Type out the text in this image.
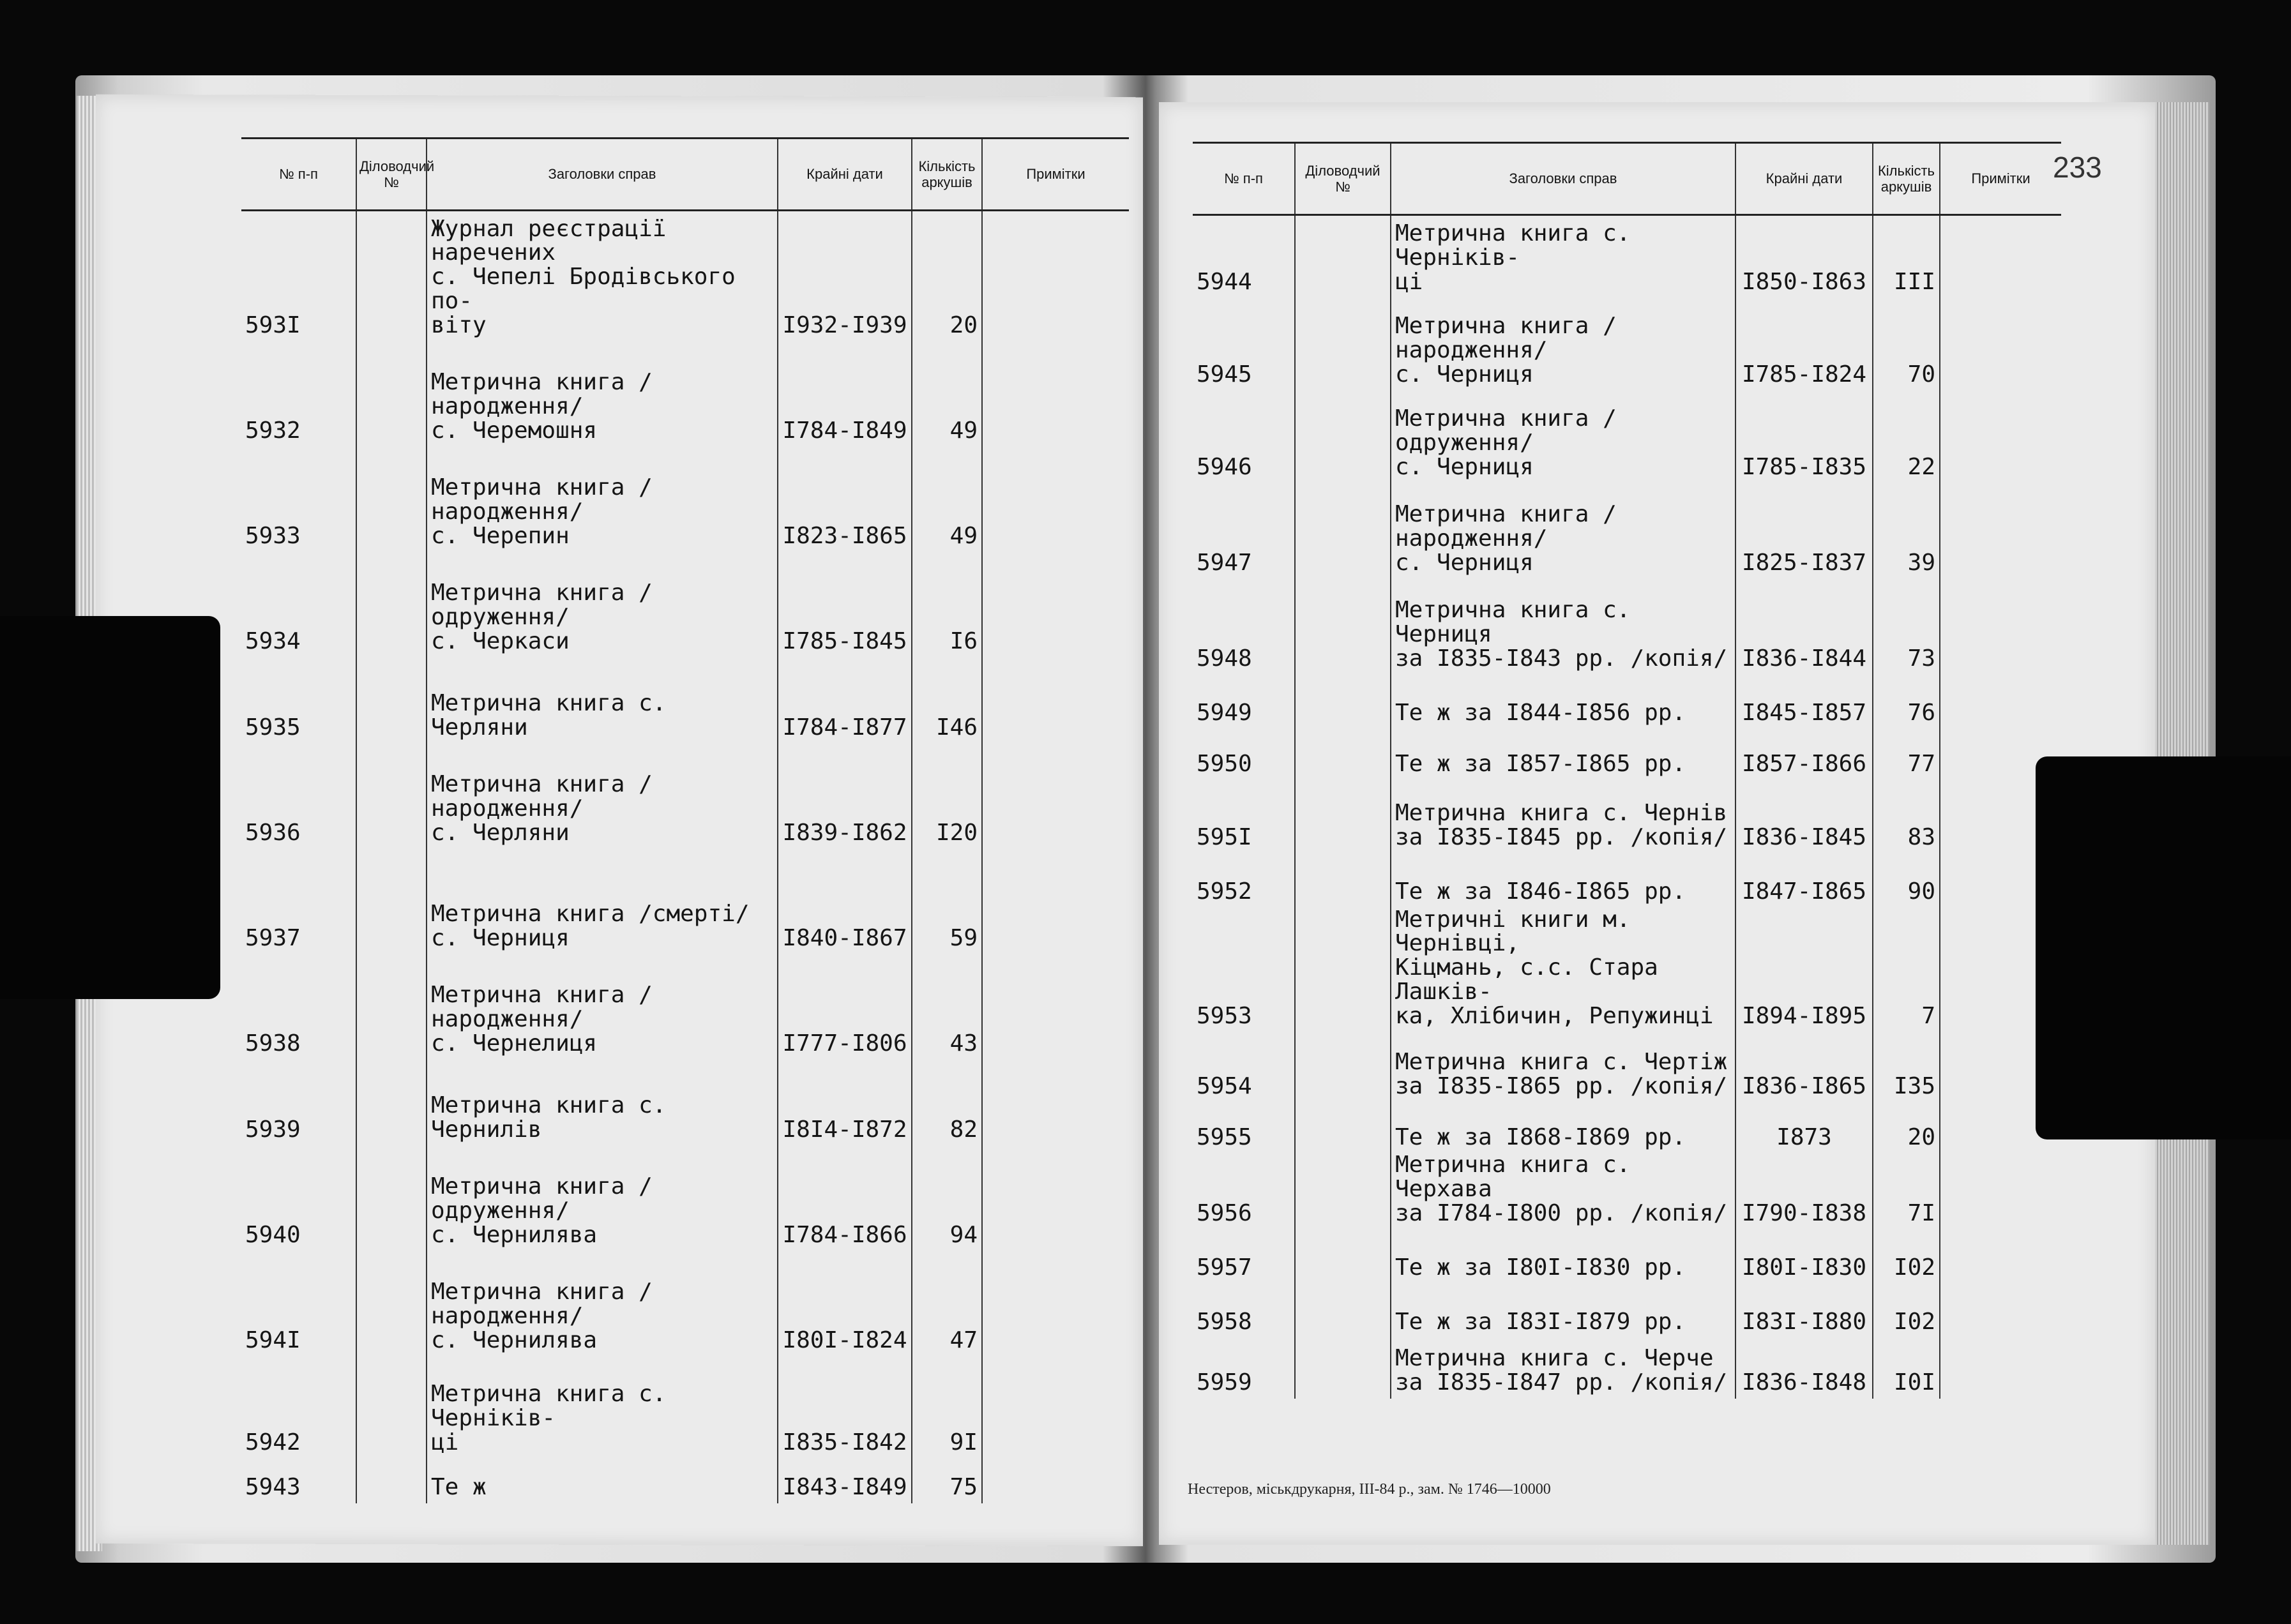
№ п-п	Діловодчий №	Заголовки справ	Крайні дати	Кількість аркушів	Примітки
593I		Журнал реєстрації наречених
с. Чепелі Бродівського по-
віту	I932-I939	20	
5932		Метрична книга /народження/
с. Черемошня	I784-I849	49	
5933		Метрична книга /народження/
с. Черепин	I823-I865	49	
5934		Метрична книга /одруження/
с. Черкаси	I785-I845	I6	
5935		Метрична книга с. Черляни	I784-I877	I46	
5936		Метрична книга /народження/
с. Черляни	I839-I862	I20	
5937		Метрична книга /смерті/
с. Черниця	I840-I867	59	
5938		Метрична книга /народження/
с. Чернелиця	I777-I806	43	
5939		Метрична книга с. Чернилів	I8I4-I872	82	
5940		Метрична книга /одруження/
с. Чернилява	I784-I866	94	
594I		Метрична книга /народження/
с. Чернилява	I80I-I824	47	
5942		Метрична книга с. Черніків-
ці	I835-I842	9I	
5943		Те ж	I843-I849	75	
№ п-п	Діловодчий №	Заголовки справ	Крайні дати	Кількість аркушів	Примітки
5944		Метрична книга с. Черніків-
ці	I850-I863	III	
5945		Метрична книга /народження/
с. Черниця	I785-I824	70	
5946		Метрична книга /одруження/
с. Черниця	I785-I835	22	
5947		Метрична книга /народження/
с. Черниця	I825-I837	39	
5948		Метрична книга с. Черниця
за I835-I843 рр. /копія/	I836-I844	73	
5949		Те ж за I844-I856 рр.	I845-I857	76	
5950		Те ж за I857-I865 рр.	I857-I866	77	
595I		Метрична книга с. Чернів
за I835-I845 рр. /копія/	I836-I845	83	
5952		Те ж за I846-I865 рр.	I847-I865	90	
5953		Метричні книги м. Чернівці,
Кіцмань, с.с. Стара Лашків-
ка, Хлібичин, Репужинці	I894-I895	7	
5954		Метрична книга с. Чертіж
за I835-I865 рр. /копія/	I836-I865	I35	
5955		Те ж за I868-I869 рр.	I873	20	
5956		Метрична книга с. Черхава
за I784-I800 рр. /копія/	I790-I838	7I	
5957		Те ж за I80I-I830 рр.	I80I-I830	I02	
5958		Те ж за I83I-I879 рр.	I83I-I880	I02	
5959		Метрична книга с. Черче
за I835-I847 рр. /копія/	I836-I848	I0I	
233
Нестеров, міськдрукарня, III-84 р., зам. № 1746—10000
